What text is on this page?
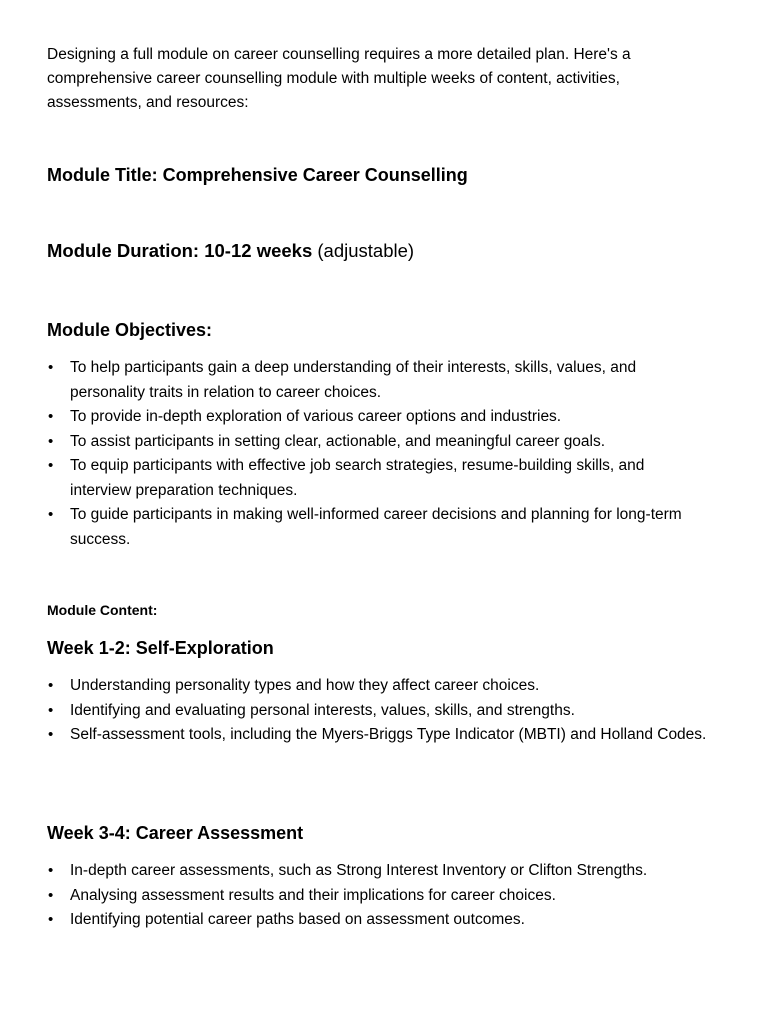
Designing a full module on career counselling requires a more detailed plan. Here's a comprehensive career counselling module with multiple weeks of content, activities, assessments, and resources:

Module Title: Comprehensive Career Counselling
Module Duration: 10-12 weeks (adjustable)
Module Objectives:
• To help participants gain a deep understanding of their interests, skills, values, and personality traits in relation to career choices.
• To provide in-depth exploration of various career options and industries.
• To assist participants in setting clear, actionable, and meaningful career goals.
• To equip participants with effective job search strategies, resume-building skills, and interview preparation techniques.
• To guide participants in making well-informed career decisions and planning for long-term success.
Module Content:
Week 1-2: Self-Exploration
• Understanding personality types and how they affect career choices.
• Identifying and evaluating personal interests, values, skills, and strengths.
• Self-assessment tools, including the Myers-Briggs Type Indicator (MBTI) and Holland Codes.
Week 3-4: Career Assessment
• In-depth career assessments, such as Strong Interest Inventory or Clifton Strengths.
• Analysing assessment results and their implications for career choices.
• Identifying potential career paths based on assessment outcomes.
